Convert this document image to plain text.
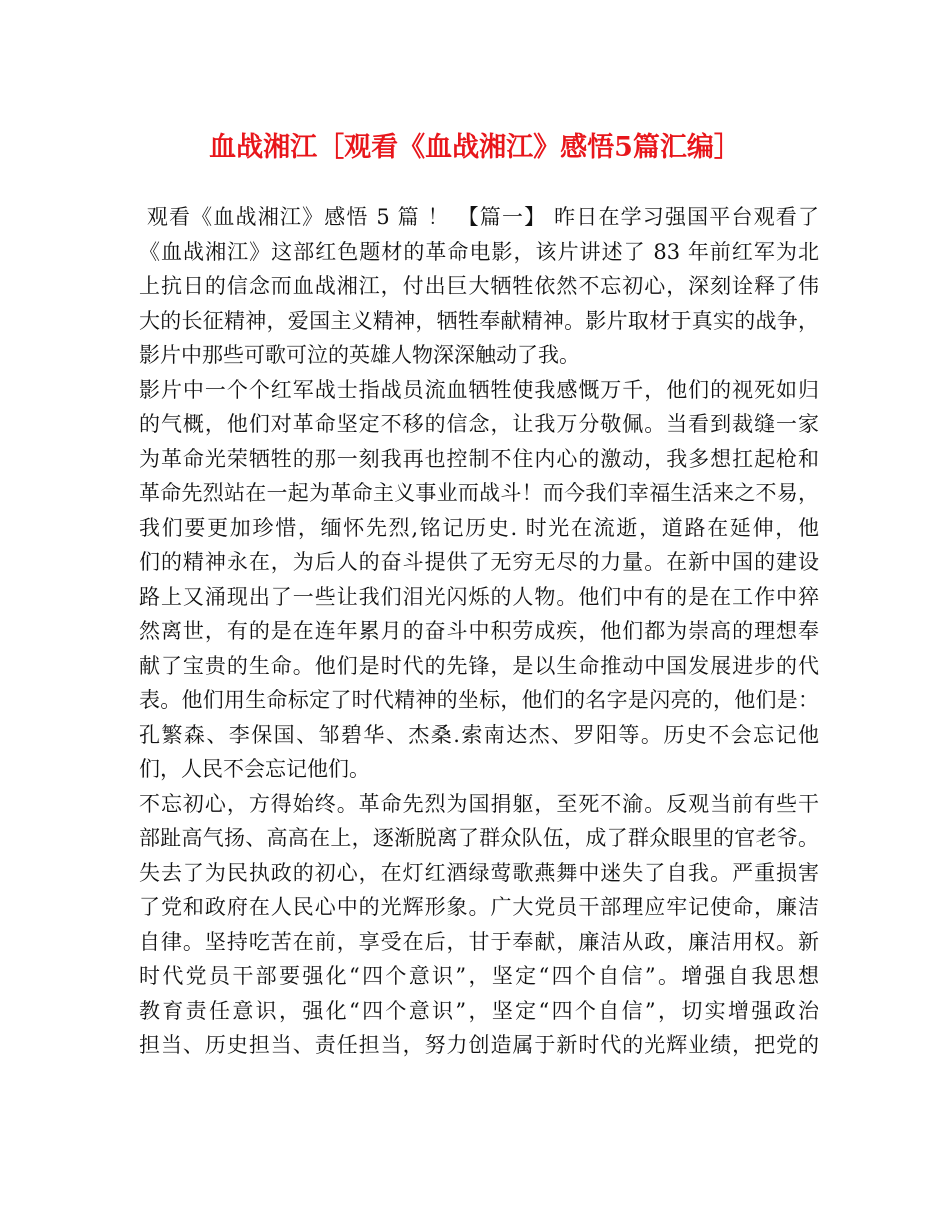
血战湘江［观看《血战湘江》感悟5篇汇编］
观看《血战湘江》感悟 5 篇 ！ 【篇一】 昨日在学习强国平台观看了
《血战湘江》这部红色题材的革命电影，该片讲述了 83 年前红军为北
上抗日的信念而血战湘江，付出巨大牺牲依然不忘初心，深刻诠释了伟
大的长征精神，爱国主义精神，牺牲奉献精神。影片取材于真实的战争，
影片中那些可歌可泣的英雄人物深深触动了我。
影片中一个个红军战士指战员流血牺牲使我感慨万千，他们的视死如归
的气概，他们对革命坚定不移的信念，让我万分敬佩。当看到裁缝一家
为革命光荣牺牲的那一刻我再也控制不住内心的激动，我多想扛起枪和
革命先烈站在一起为革命主义事业而战斗！而今我们幸福生活来之不易，
我们要更加珍惜，缅怀先烈,铭记历史. 时光在流逝，道路在延伸，他
们的精神永在，为后人的奋斗提供了无穷无尽的力量。在新中国的建设
路上又涌现出了一些让我们泪光闪烁的人物。他们中有的是在工作中猝
然离世，有的是在连年累月的奋斗中积劳成疾，他们都为崇高的理想奉
献了宝贵的生命。他们是时代的先锋，是以生命推动中国发展进步的代
表。他们用生命标定了时代精神的坐标，他们的名字是闪亮的，他们是：
孔繁森、李保国、邹碧华、杰桑.索南达杰、罗阳等。历史不会忘记他
们，人民不会忘记他们。
不忘初心，方得始终。革命先烈为国捐躯，至死不渝。反观当前有些干
部趾高气扬、高高在上，逐渐脱离了群众队伍，成了群众眼里的官老爷。
失去了为民执政的初心，在灯红酒绿莺歌燕舞中迷失了自我。严重损害
了党和政府在人民心中的光辉形象。广大党员干部理应牢记使命，廉洁
自律。坚持吃苦在前，享受在后，甘于奉献，廉洁从政，廉洁用权。新
时代党员干部要强化“四个意识”，坚定“四个自信”。增强自我思想
教育责任意识，强化“四个意识”，坚定“四个自信”，切实增强政治
担当、历史担当、责任担当，努力创造属于新时代的光辉业绩，把党的
